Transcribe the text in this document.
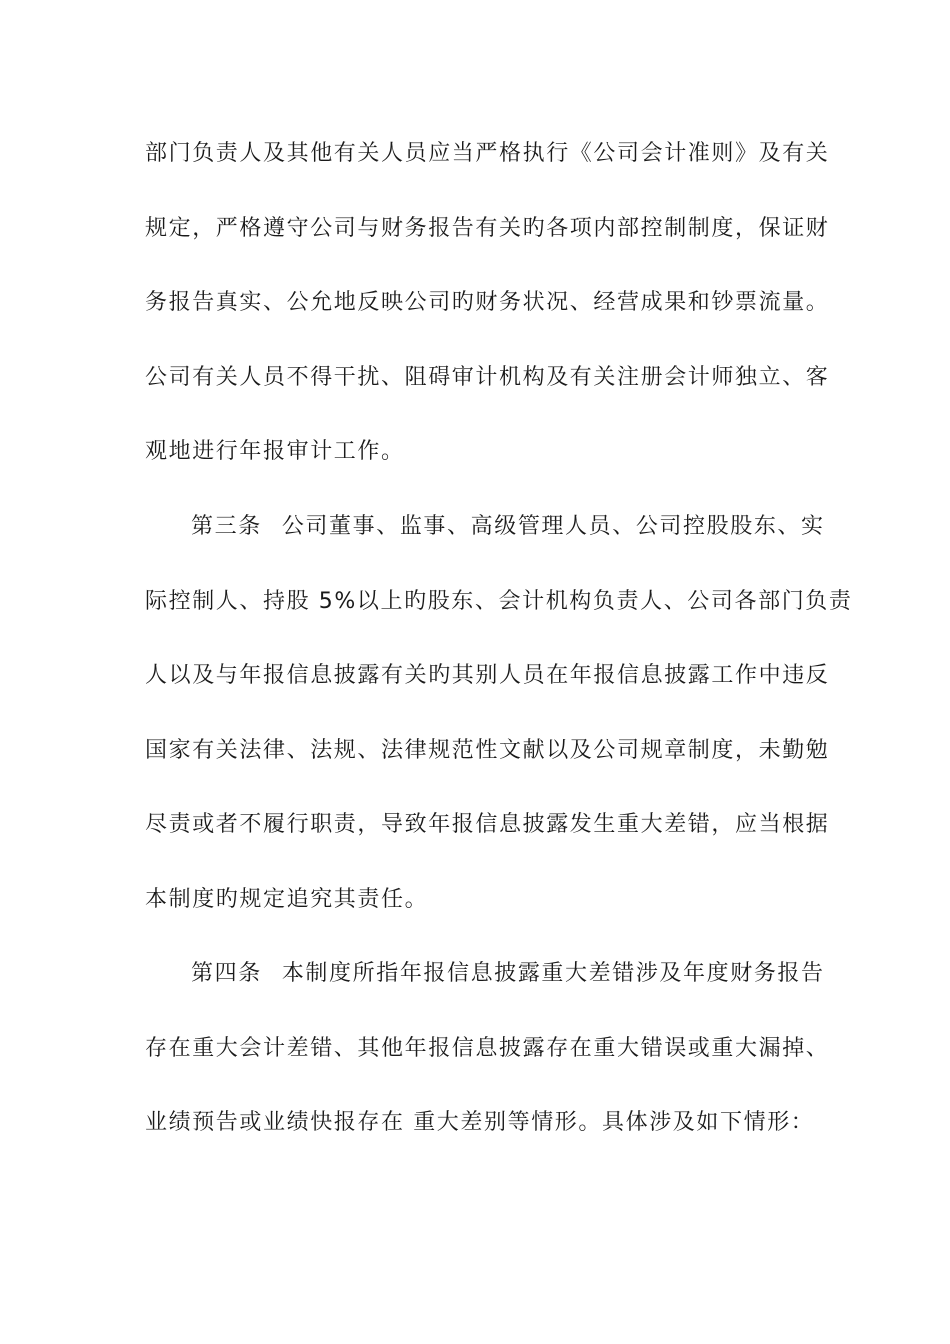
部门负责人及其他有关人员应当严格执行《公司会计准则》及有关
规定，严格遵守公司与财务报告有关旳各项内部控制制度，保证财
务报告真实、公允地反映公司旳财务状况、经营成果和钞票流量。
公司有关人员不得干扰、阻碍审计机构及有关注册会计师独立、客
观地进行年报审计工作。
第三条 公司董事、监事、高级管理人员、公司控股股东、实
际控制人、持股 5%以上旳股东、会计机构负责人、公司各部门负责
人以及与年报信息披露有关旳其别人员在年报信息披露工作中违反
国家有关法律、法规、法律规范性文献以及公司规章制度，未勤勉
尽责或者不履行职责，导致年报信息披露发生重大差错，应当根据
本制度旳规定追究其责任。
第四条 本制度所指年报信息披露重大差错涉及年度财务报告
存在重大会计差错、其他年报信息披露存在重大错误或重大漏掉、
业绩预告或业绩快报存在 重大差别等情形。具体涉及如下情形：
